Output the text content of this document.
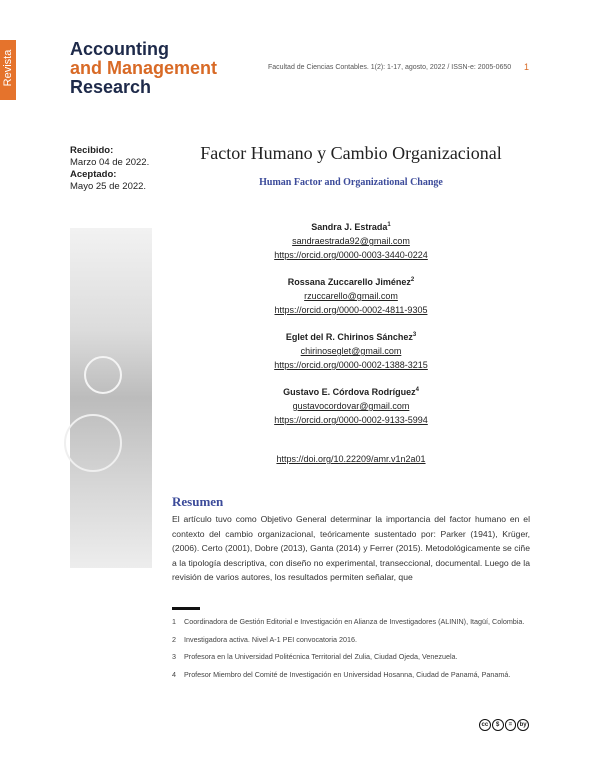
Revista
Accounting
and Management
Research
Facultad de Ciencias Contables. 1(2): 1-17, agosto, 2022 / ISSN-e: 2005-0650 1
Recibido:
Marzo 04 de 2022.

Aceptado:
Mayo 25 de 2022.
Factor Humano y Cambio Organizacional
Human Factor and Organizational Change
Sandra J. Estrada$^1$
sandraestrada92@gmail.com
https://orcid.org/0000-0003-3440-0224
Rossana Zuccarello Jiménez$^2$
rzuccarello@gmail.com
https://orcid.org/0000-0002-4811-9305
Eglet del R. Chirinos Sánchez$^3$
chirinoseglet@gmail.com
https://orcid.org/0000-0002-1388-3215
Gustavo E. Córdova Rodríguez$^4$
gustavocordovar@gmail.com
https://orcid.org/0000-0002-9133-5994
https://doi.org/10.22209/amr.v1n2a01
Resumen

El artículo tuvo como Objetivo General determinar la importancia del factor humano en el contexto del cambio organizacional, teóricamente sustentado por: Parker (1941), Krüger, (2006). Certo (2001), Dobre (2013), Ganta (2014) y Ferrer (2015). Metodológicamente se ciñe a la tipología descriptiva, con diseño no experimental, transeccional, documental. Luego de la revisión de varios autores, los resultados permiten señalar, que

1	Coordinadora de Gestión Editorial e Investigación en Alianza de Investigadores (ALININ), Itagüí, Colombia.
2	Investigadora activa. Nivel A-1 PEI convocatoria 2016.
3	Profesora en la Universidad Politécnica Territorial del Zulia, Ciudad Ojeda, Venezuela.
4	Profesor Miembro del Comité de Investigación en Universidad Hosanna, Ciudad de Panamá, Panamá.
cc	$	=	by
